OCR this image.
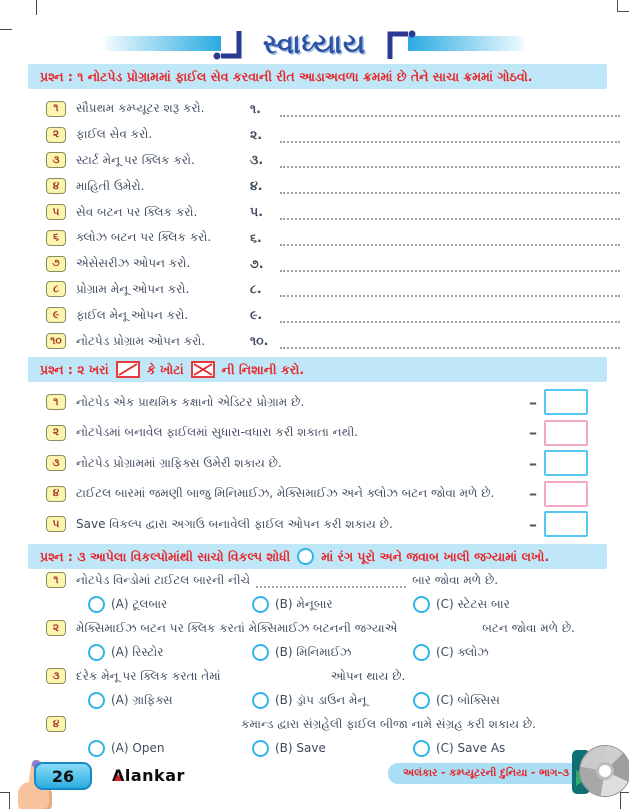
સ્વાધ્યાય
પ્રશ્ન : ૧ નોટપેડ પ્રોગ્રામમાં ફાઈલ સેવ કરવાની રીત આડાઅવળા ક્રમમાં છે તેને સાચા ક્રમમાં ગોઠવો.
૧	સૌપ્રથમ કમ્પ્યૂટર શરૂ કરો.	૧.
૨	ફાઈલ સેવ કરો.	૨.
૩	સ્ટાર્ટ મેનૂ પર ક્લિક કરો.	૩.
૪	માહિતી ઉમેરો.	૪.
૫	સેવ બટન પર ક્લિક કરો.	૫.
૬	ક્લોઝ બટન પર ક્લિક કરો.	૬.
૭	એસેસરીઝ ઓપન કરો.	૭.
૮	પ્રોગ્રામ મેનૂ ઓપન કરો.	૮.
૯	ફાઈલ મેનૂ ઓપન કરો.	૯.
૧૦	નોટપેડ પ્રોગ્રામ ઓપન કરો.	૧૦.
પ્રશ્ન : ૨ ખરાં	કે ખોટાં	ની નિશાની કરો.
૧	નોટપેડ એક પ્રાથમિક કક્ષાનો એડિટર પ્રોગ્રામ છે.	–
૨	નોટપેડમાં બનાવેલ ફાઈલમાં સુધારા-વધારા કરી શકાતા નથી.	–
૩	નોટપેડ પ્રોગ્રામમાં ગ્રાફિક્સ ઉમેરી શકાય છે.	–
૪	ટાઈટલ બારમાં જમણી બાજુ મિનિમાઈઝ, મેક્સિમાઈઝ અને ક્લોઝ બટન જોવા મળે છે.	–
૫	Save વિકલ્પ દ્વારા અગાઉ બનાવેલી ફાઈલ ઓપન કરી શકાય છે.	–
પ્રશ્ન : ૩ આપેલા વિકલ્પોમાંથી સાચો વિકલ્પ શોધી માં રંગ પૂરો અને જવાબ ખાલી જગ્યામાં લખો.
૧	નોટપેડ વિન્ડોમાં ટાઈટલ બારની નીચે	બાર જોવા મળે છે.
(A) ટૂલબાર	(B) મેનૂબાર	(C) સ્ટેટસ બાર
૨	મેક્સિમાઈઝ બટન પર ક્લિક કરતાં મેક્સિમાઈઝ બટનની જગ્યાએ	બટન જોવા મળે છે.
(A) રિસ્ટોર	(B) મિનિમાઈઝ	(C) ક્લોઝ
૩	દરેક મેનૂ પર ક્લિક કરતા તેમાં	ઓપન થાય છે.
(A) ગ્રાફિક્સ	(B) ડ્રૉપ ડાઉન મેનૂ	(C) બોક્સિસ
૪	કમાન્ડ દ્વારા સંગ્રહેલી ફાઈલ બીજા નામે સંગ્રહ કરી શકાય છે.
(A) Open	(B) Save	(C) Save As
26 Alankar	અલંકાર - કમ્પ્યૂટરની દુનિયા - ભાગ-૩
